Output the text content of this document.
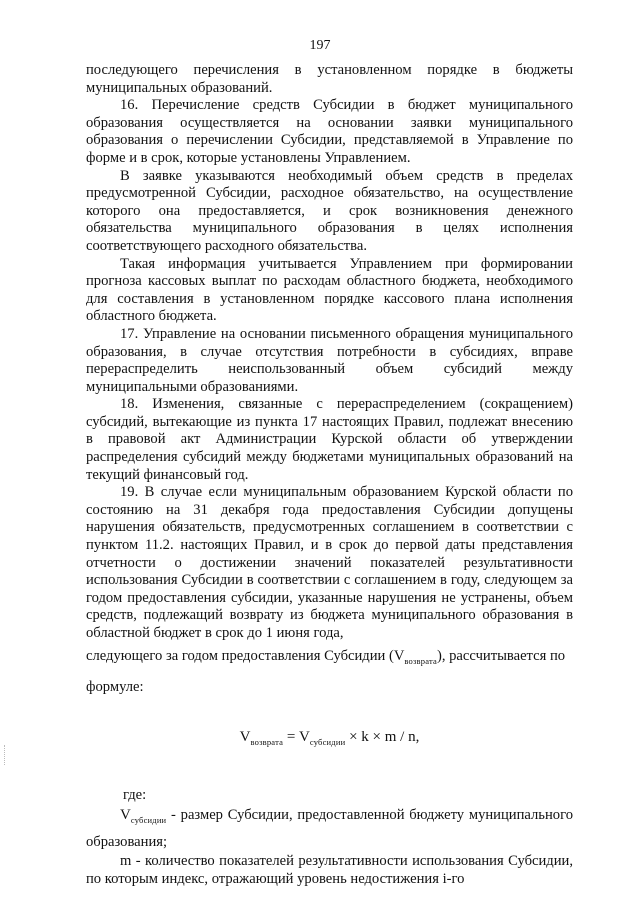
197

последующего перечисления в установленном порядке в бюджеты муниципальных образований.

16. Перечисление средств Субсидии в бюджет муниципального образования осуществляется на основании заявки муниципального образования о перечислении Субсидии, представляемой в Управление по форме и в срок, которые установлены Управлением.

В заявке указываются необходимый объем средств в пределах предусмотренной Субсидии, расходное обязательство, на осуществление которого она предоставляется, и срок возникновения денежного обязательства муниципального образования в целях исполнения соответствующего расходного обязательства.

Такая информация учитывается Управлением при формировании прогноза кассовых выплат по расходам областного бюджета, необходимого для составления в установленном порядке кассового плана исполнения областного бюджета.

17. Управление на основании письменного обращения муниципального образования, в случае отсутствия потребности в субсидиях, вправе перераспределить неиспользованный объем субсидий между муниципальными образованиями.

18. Изменения, связанные с перераспределением (сокращением) субсидий, вытекающие из пункта 17 настоящих Правил, подлежат внесению в правовой акт Администрации Курской области об утверждении распределения субсидий между бюджетами муниципальных образований на текущий финансовый год.

19. В случае если муниципальным образованием Курской области по состоянию на 31 декабря года предоставления Субсидии допущены нарушения обязательств, предусмотренных соглашением в соответствии с пунктом 11.2. настоящих Правил, и в срок до первой даты представления отчетности о достижении значений показателей результативности использования Субсидии в соответствии с соглашением в году, следующем за годом предоставления субсидии, указанные нарушения не устранены, объем средств, подлежащий возврату из бюджета муниципального образования в областной бюджет в срок до 1 июня года,

следующего за годом предоставления Субсидии $(V_{возврата})$, рассчитывается по формуле:

$V_{возврата} = V_{субсидии} \times k \times m / n$,

где:

$V_{субсидии}$ - размер Субсидии, предоставленной бюджету муниципального образования;

m - количество показателей результативности использования Субсидии, по которым индекс, отражающий уровень недостижения i-го
